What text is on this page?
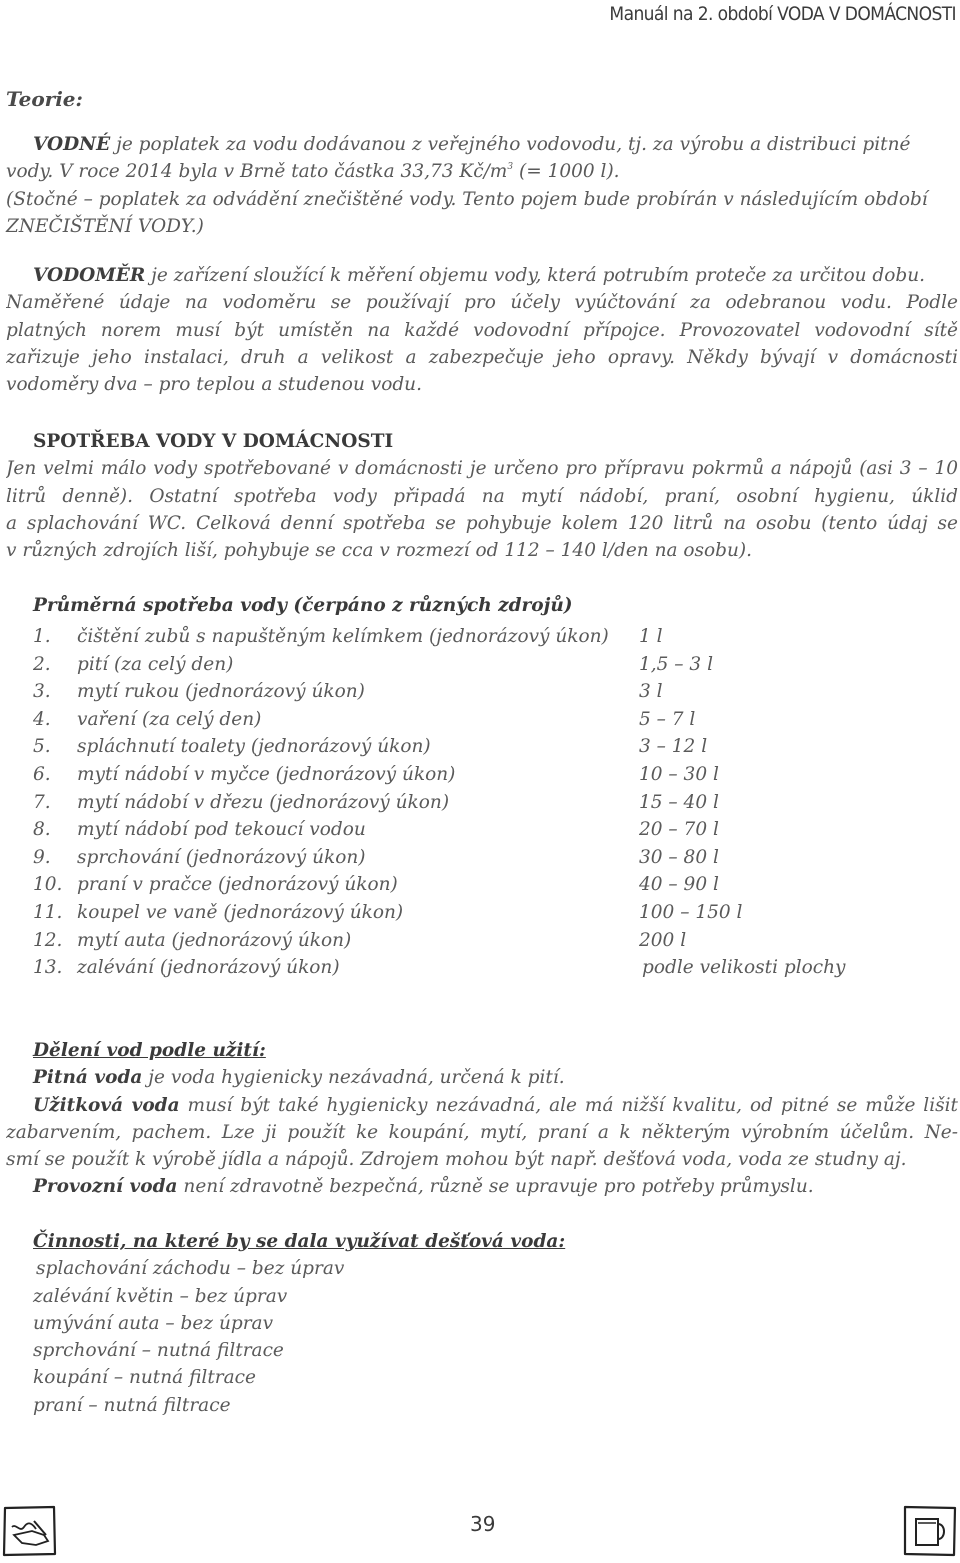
Manuál na 2. období VODA V DOMÁCNOSTI
Teorie:
VODNÉ je poplatek za vodu dodávanou z veřejného vodovodu, tj. za výrobu a distribuci pitné
vody. V roce 2014 byla v Brně tato částka 33,73 $Kč/m^3$ (= 1000 l).
(Stočné – poplatek za odvádění znečištěné vody. Tento pojem bude probírán v následujícím období
ZNEČIŠTĚNÍ VODY.)
VODOMĚR je zařízení sloužící k měření objemu vody, která potrubím proteče za určitou dobu.
Naměřené údaje na vodoměru se používají pro účely vyúčtování za odebranou vodu. Podle
platných norem musí být umístěn na každé vodovodní přípojce. Provozovatel vodovodní sítě
zařizuje jeho instalaci, druh a velikost a zabezpečuje jeho opravy. Někdy bývají v domácnosti
vodoměry dva – pro teplou a studenou vodu.
SPOTŘEBA VODY V DOMÁCNOSTI
Jen velmi málo vody spotřebované v domácnosti je určeno pro přípravu pokrmů a nápojů (asi 3 – 10
litrů denně). Ostatní spotřeba vody připadá na mytí nádobí, praní, osobní hygienu, úklid
a splachování WC. Celková denní spotřeba se pohybuje kolem 120 litrů na osobu (tento údaj se
v různých zdrojích liší, pohybuje se cca v rozmezí od 112 – 140 l/den na osobu).
Průměrná spotřeba vody (čerpáno z různých zdrojů)
1. čištění zubů s napuštěným kelímkem (jednorázový úkon) 1 l
2. pití (za celý den)	1,5 – 3 l
3. mytí rukou (jednorázový úkon)	3 l
4. vaření (za celý den)	5 – 7 l
5. spláchnutí toalety (jednorázový úkon)	3 – 12 l
6. mytí nádobí v myčce (jednorázový úkon)	10 – 30 l
7. mytí nádobí v dřezu (jednorázový úkon)	15 – 40 l
8. mytí nádobí pod tekoucí vodou	20 – 70 l
9. sprchování (jednorázový úkon)	30 – 80 l
10. praní v pračce (jednorázový úkon)	40 – 90 l
11. koupel ve vaně (jednorázový úkon)	100 – 150 l
12. mytí auta (jednorázový úkon)	200 l
13. zalévání (jednorázový úkon)	podle velikosti plochy
Dělení vod podle užití:
Pitná voda je voda hygienicky nezávadná, určená k pití.
Užitková voda musí být také hygienicky nezávadná, ale má nižší kvalitu, od pitné se může lišit
zabarvením, pachem. Lze ji použít ke koupání, mytí, praní a k některým výrobním účelům. Ne-
smí se použít k výrobě jídla a nápojů. Zdrojem mohou být např. dešťová voda, voda ze studny aj.
Provozní voda není zdravotně bezpečná, různě se upravuje pro potřeby průmyslu.
Činnosti, na které by se dala využívat dešťová voda:
splachování záchodu – bez úprav
zalévání květin – bez úprav
umývání auta – bez úprav
sprchování – nutná filtrace
koupání – nutná filtrace
praní – nutná filtrace
39
